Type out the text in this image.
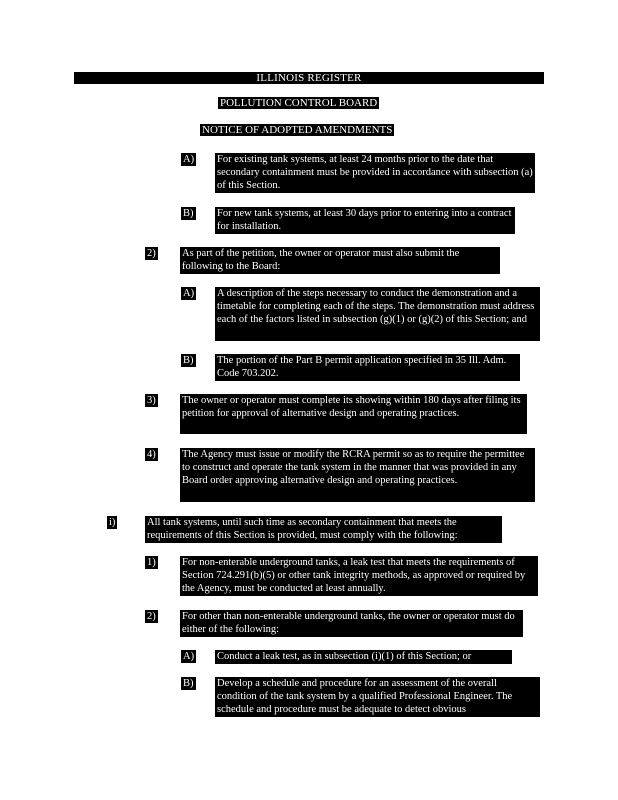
ILLINOIS REGISTER
POLLUTION CONTROL BOARD
NOTICE OF ADOPTED AMENDMENTS
A) For existing tank systems, at least 24 months prior to the date that secondary containment must be provided in accordance with subsection (a) of this Section.
B) For new tank systems, at least 30 days prior to entering into a contract for installation.
2)	As part of the petition, the owner or operator must also submit the following to the Board:
A) A description of the steps necessary to conduct the demonstration and a timetable for completing each of the steps. The demonstration must address each of the factors listed in subsection (g)(1) or (g)(2) of this Section; and
B) The portion of the Part B permit application specified in 35 Ill. Adm. Code 703.202.
3)	The owner or operator must complete its showing within 180 days after filing its petition for approval of alternative design and operating practices.
4)	The Agency must issue or modify the RCRA permit so as to require the permittee to construct and operate the tank system in the manner that was provided in any Board order approving alternative design and operating practices.
i)	All tank systems, until such time as secondary containment that meets the requirements of this Section is provided, must comply with the following:
1)	For non-enterable underground tanks, a leak test that meets the requirements of Section 724.291(b)(5) or other tank integrity methods, as approved or required by the Agency, must be conducted at least annually.
2)	For other than non-enterable underground tanks, the owner or operator must do either of the following:
A) Conduct a leak test, as in subsection (i)(1) of this Section; or
B) Develop a schedule and procedure for an assessment of the overall condition of the tank system by a qualified Professional Engineer. The schedule and procedure must be adequate to detect obvious
